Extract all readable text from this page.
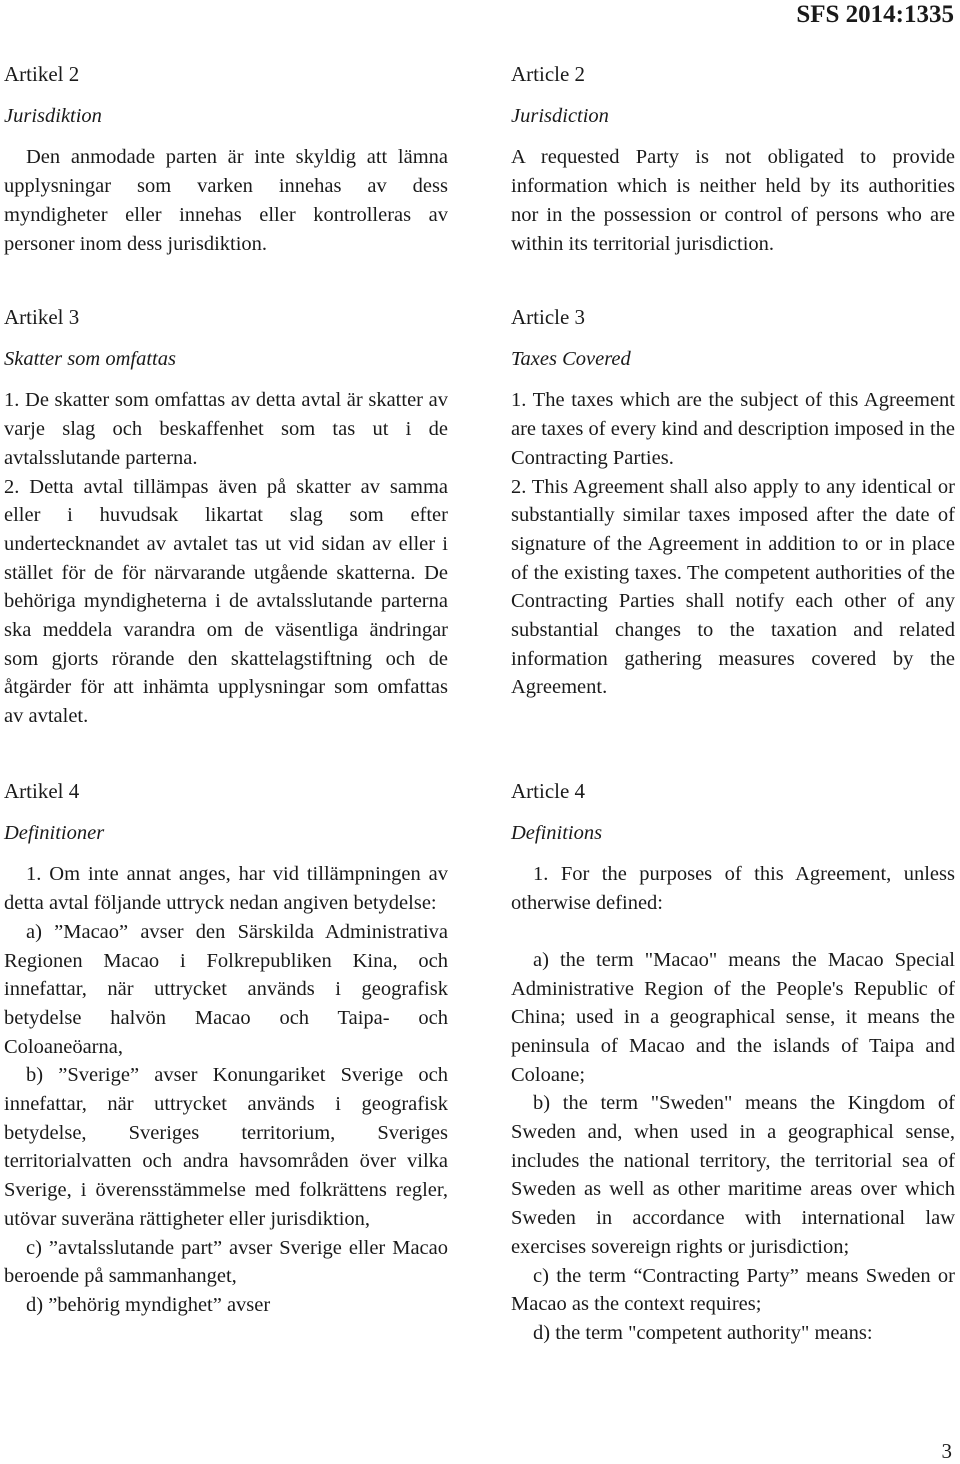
SFS 2014:1335

Artikel 2

Jurisdiktion

Den anmodade parten är inte skyldig att lämna upplysningar som varken innehas av dess myndigheter eller innehas eller kontrolleras av personer inom dess jurisdiktion.

Artikel 3

Skatter som omfattas

1. De skatter som omfattas av detta avtal är skatter av varje slag och beskaffenhet som tas ut i de avtalsslutande parterna.

2. Detta avtal tillämpas även på skatter av samma eller i huvudsak likartat slag som efter undertecknandet av avtalet tas ut vid sidan av eller i stället för de för närvarande utgående skatterna. De behöriga myndigheterna i de avtalsslutande parterna ska meddela varandra om de väsentliga ändringar som gjorts rörande den skattelagstiftning och de åtgärder för att inhämta upplysningar som omfattas av avtalet.

Artikel 4

Definitioner

1. Om inte annat anges, har vid tillämpningen av detta avtal följande uttryck nedan angiven betydelse:

a) ”Macao” avser den Särskilda Administrativa Regionen Macao i Folkrepubliken Kina, och innefattar, när uttrycket används i geografisk betydelse halvön Macao och Taipa- och Coloaneöarna,

b) ”Sverige” avser Konungariket Sverige och innefattar, när uttrycket används i geografisk betydelse, Sveriges territorium, Sveriges territorialvatten och andra havsområden över vilka Sverige, i överensstämmelse med folkrättens regler, utövar suveräna rättigheter eller jurisdiktion,

c) ”avtalsslutande part” avser Sverige eller Macao beroende på sammanhanget,

d) ”behörig myndighet” avser

Article 2

Jurisdiction

A requested Party is not obligated to provide information which is neither held by its authorities nor in the possession or control of persons who are within its territorial jurisdiction.

Article 3

Taxes Covered

1. The taxes which are the subject of this Agreement are taxes of every kind and description imposed in the Contracting Parties.

2. This Agreement shall also apply to any identical or substantially similar taxes imposed after the date of signature of the Agreement in addition to or in place of the existing taxes. The competent authorities of the Contracting Parties shall notify each other of any substantial changes to the taxation and related information gathering measures covered by the Agreement.

Article 4

Definitions

1. For the purposes of this Agreement, unless otherwise defined:

a) the term "Macao" means the Macao Special Administrative Region of the People's Republic of China; used in a geographical sense, it means the peninsula of Macao and the islands of Taipa and Coloane;

b) the term "Sweden" means the Kingdom of Sweden and, when used in a geographical sense, includes the national territory, the territorial sea of Sweden as well as other maritime areas over which Sweden in accordance with international law exercises sovereign rights or jurisdiction;

c) the term “Contracting Party” means Sweden or Macao as the context requires;

d) the term "competent authority" means:

3
